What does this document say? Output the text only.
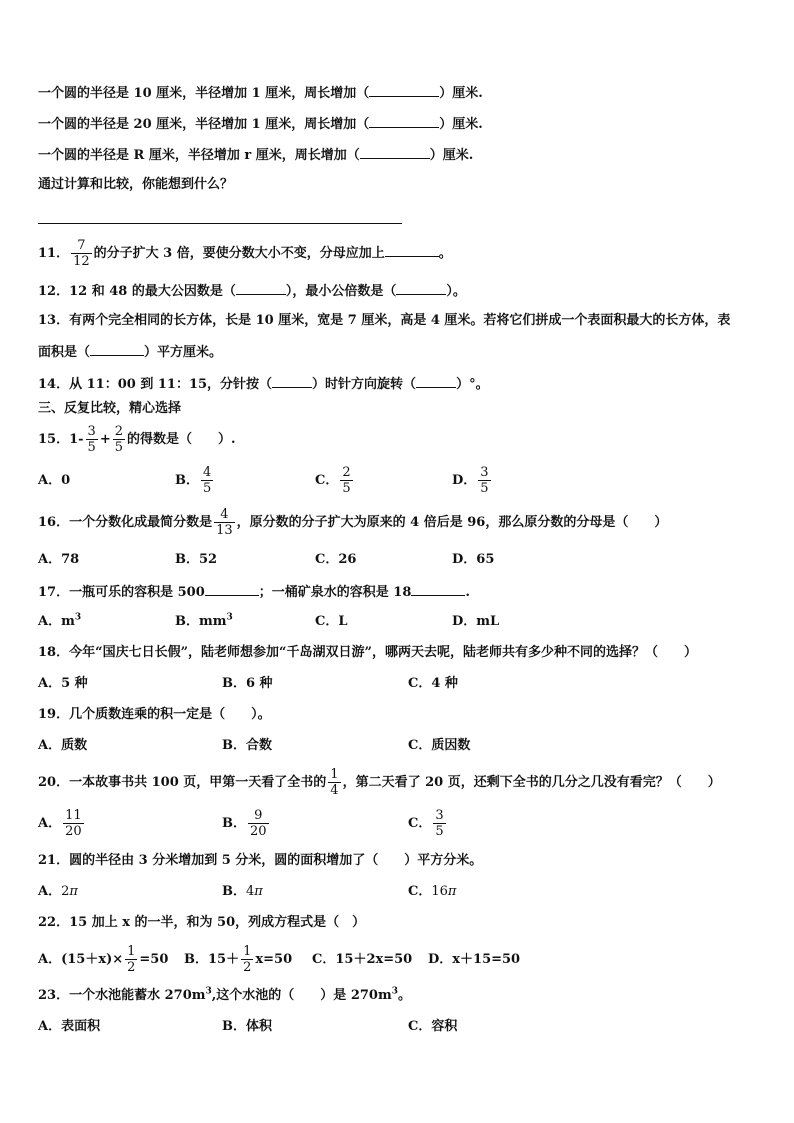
一个圆的半径是 10 厘米，半径增加 1 厘米，周长增加（	）厘米.
一个圆的半径是 20 厘米，半径增加 1 厘米，周长增加（	）厘米.
一个圆的半径是 R 厘米，半径增加 r 厘米，周长增加（	）厘米.
通过计算和比较，你能想到什么？
11． $\frac{7}{12}$ 的分子扩大 3 倍，要使分数大小不变，分母应加上	。
12．12 和 48 的最大公因数是（	），最小公倍数是（	）。
13．有两个完全相同的长方体，长是 10 厘米，宽是 7 厘米，高是 4 厘米。若将它们拼成一个表面积最大的长方体，表
面积是（	）平方厘米。
14．从 11：00 到 11：15，分针按（	）时针方向旋转（	）°。
三、反复比较，精心选择
15．$1- \frac{3}{5} + \frac{2}{5}$ 的得数是（　　）.
A．0	B． $\frac{4}{5}$	C． $\frac{2}{5}$	D． $\frac{3}{5}$
16．一个分数化成最简分数是 $\frac{4}{13}$ ，原分数的分子扩大为原来的 4 倍后是 96，那么原分数的分母是（　　）
A．78	B．52	C．26	D．65
17．一瓶可乐的容积是 500	；一桶矿泉水的容积是 18	.
A．$m^3$	B．$mm^3$	C．L	D．mL
18．今年“国庆七日长假”，陆老师想参加“千岛湖双日游”，哪两天去呢，陆老师共有多少种不同的选择？（　　）
A．5 种	B．6 种	C．4 种
19．几个质数连乘的积一定是（　　）。
A．质数	B．合数	C．质因数
20．一本故事书共 100 页，甲第一天看了全书的 $\frac{1}{4}$ ，第二天看了 20 页，还剩下全书的几分之几没有看完？（　　）
A． $\frac{11}{20}$	B． $\frac{9}{20}$	C． $\frac{3}{5}$
21．圆的半径由 3 分米增加到 5 分米，圆的面积增加了（　　）平方分米。
A．2π	B．4π	C．16π
22．15 加上 x 的一半，和为 50，列成方程式是（　）
A．$(15+x)\times \frac{1}{2} =50$ B．$15+ \frac{1}{2} x=50$ C．15＋2x=50 D．x＋15=50
23．一个水池能蓄水 $270m^3$,这个水池的（　　）是 $270m^3$。
A．表面积	B．体积	C．容积
